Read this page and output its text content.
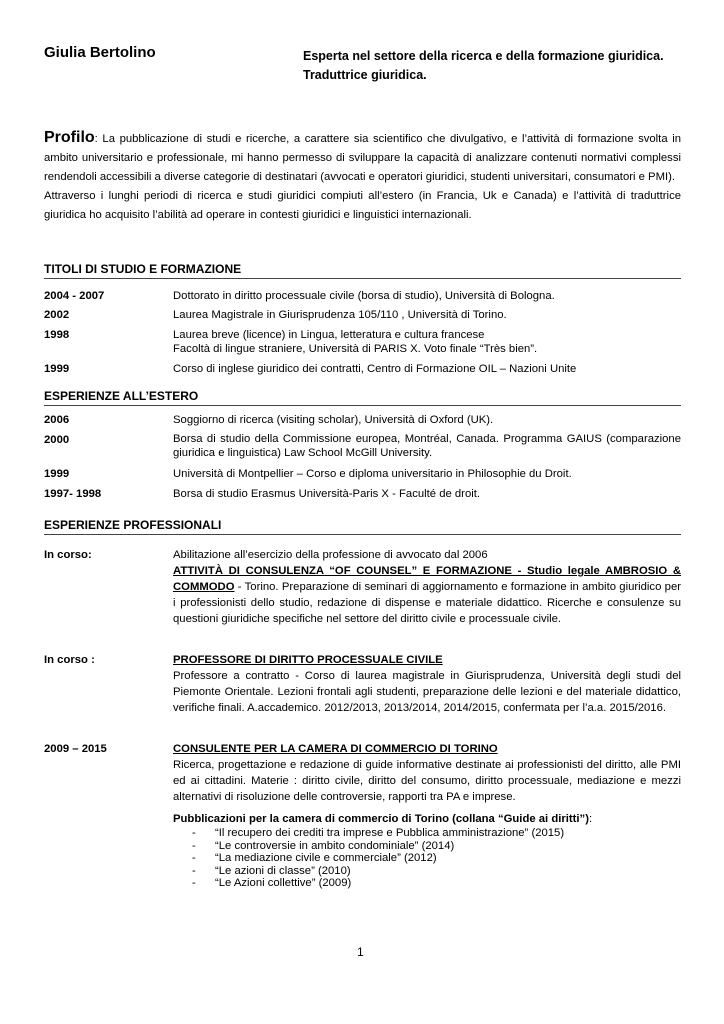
Giulia Bertolino	Esperta nel settore della ricerca e della formazione giuridica.
Traduttrice giuridica.

Profilo: La pubblicazione di studi e ricerche, a carattere sia scientifico che divulgativo, e l’attività di formazione svolta in ambito universitario e professionale, mi hanno permesso di sviluppare la capacità di analizzare contenuti normativi complessi rendendoli accessibili a diverse categorie di destinatari (avvocati e operatori giuridici, studenti universitari, consumatori e PMI).

Attraverso i lunghi periodi di ricerca e studi giuridici compiuti all’estero (in Francia, Uk e Canada) e l’attività di traduttrice giuridica ho acquisito l’abilità ad operare in contesti giuridici e linguistici internazionali.

TITOLI DI STUDIO E FORMAZIONE
2004 - 2007	Dottorato in diritto processuale civile (borsa di studio), Università di Bologna.
2002	Laurea Magistrale in Giurisprudenza 105/110 , Università di Torino.
1998	Laurea breve (licence) in Lingua, letteratura e cultura francese
Facoltà di lingue straniere, Università di PARIS X. Voto finale “Très bien”.
1999	Corso di inglese giuridico dei contratti, Centro di Formazione OIL – Nazioni Unite
ESPERIENZE ALL’ESTERO
2006	Soggiorno di ricerca (visiting scholar), Università di Oxford (UK).
2000	Borsa di studio della Commissione europea, Montréal, Canada. Programma GAIUS (comparazione giuridica e linguistica) Law School McGill University.
1999	Università di Montpellier – Corso e diploma universitario in Philosophie du Droit.
1997- 1998	Borsa di studio Erasmus Università-Paris X - Faculté de droit.
ESPERIENZE PROFESSIONALI
In corso:	Abilitazione all’esercizio della professione di avvocato dal 2006
ATTIVITÀ DI CONSULENZA “OF COUNSEL” E FORMAZIONE - Studio legale AMBROSIO & COMMODO - Torino. Preparazione di seminari di aggiornamento e formazione in ambito giuridico per i professionisti dello studio, redazione di dispense e materiale didattico. Ricerche e consulenze su questioni giuridiche specifiche nel settore del diritto civile e processuale civile.
In corso :	PROFESSORE DI DIRITTO PROCESSUALE CIVILE
Professore a contratto - Corso di laurea magistrale in Giurisprudenza, Università degli studi del Piemonte Orientale. Lezioni frontali agli studenti, preparazione delle lezioni e del materiale didattico, verifiche finali. A.accademico. 2012/2013, 2013/2014, 2014/2015, confermata per l’a.a. 2015/2016.
2009 – 2015	CONSULENTE PER LA CAMERA DI COMMERCIO DI TORINO
Ricerca, progettazione e redazione di guide informative destinate ai professionisti del diritto, alle PMI ed ai cittadini. Materie : diritto civile, diritto del consumo, diritto processuale, mediazione e mezzi alternativi di risoluzione delle controversie, rapporti tra PA e imprese.
Pubblicazioni per la camera di commercio di Torino (collana “Guide ai diritti”):
- “Il recupero dei crediti tra imprese e Pubblica amministrazione” (2015)
- “Le controversie in ambito condominiale” (2014)
- “La mediazione civile e commerciale” (2012)
- “Le azioni di classe” (2010)
- “Le Azioni collettive” (2009)
1
